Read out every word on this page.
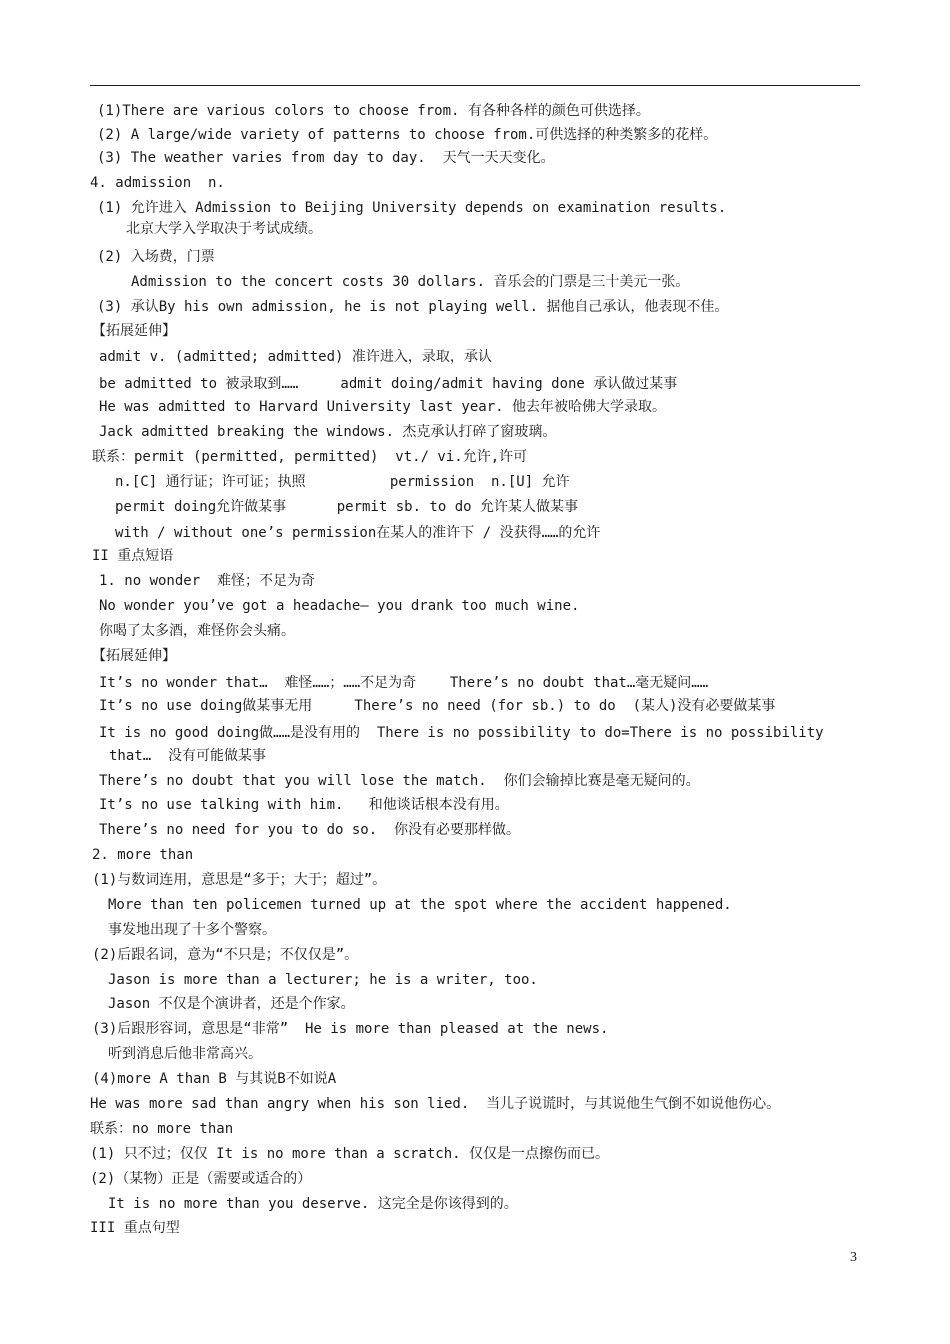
(1)There are various colors to choose from. 有各种各样的颜色可供选择。
(2) A large/wide variety of patterns to choose from.可供选择的种类繁多的花样。
(3) The weather varies from day to day.  天气一天天变化。
4. admission  n.
(1) 允许进入 Admission to Beijing University depends on examination results.
北京大学入学取决于考试成绩。
(2) 入场费，门票
Admission to the concert costs 30 dollars. 音乐会的门票是三十美元一张。
(3) 承认By his own admission, he is not playing well. 据他自己承认，他表现不佳。
【拓展延伸】
admit v. (admitted; admitted) 准许进入，录取，承认
be admitted to 被录取到……     admit doing/admit having done 承认做过某事
He was admitted to Harvard University last year. 他去年被哈佛大学录取。
Jack admitted breaking the windows. 杰克承认打碎了窗玻璃。
联系：permit (permitted, permitted)  vt./ vi.允许,许可
n.[C] 通行证；许可证；执照          permission  n.[U] 允许
permit doing允许做某事      permit sb. to do 允许某人做某事
with / without one’s permission在某人的准许下 / 没获得……的允许
II 重点短语
1. no wonder  难怪；不足为奇
No wonder you’ve got a headache— you drank too much wine.
你喝了太多酒，难怪你会头痛。
【拓展延伸】
It’s no wonder that…  难怪……；……不足为奇    There’s no doubt that…毫无疑问……
It’s no use doing做某事无用     There’s no need (for sb.) to do  (某人)没有必要做某事
It is no good doing做……是没有用的  There is no possibility to do=There is no possibility
that…  没有可能做某事
There’s no doubt that you will lose the match.  你们会输掉比赛是毫无疑问的。
It’s no use talking with him.   和他谈话根本没有用。
There’s no need for you to do so.  你没有必要那样做。
2. more than
(1)与数词连用，意思是“多于；大于；超过”。
More than ten policemen turned up at the spot where the accident happened.
事发地出现了十多个警察。
(2)后跟名词，意为“不只是；不仅仅是”。
Jason is more than a lecturer; he is a writer, too.
Jason 不仅是个演讲者，还是个作家。
(3)后跟形容词，意思是“非常”  He is more than pleased at the news.
听到消息后他非常高兴。
(4)more A than B 与其说B不如说A
He was more sad than angry when his son lied.  当儿子说谎时，与其说他生气倒不如说他伤心。
联系：no more than
(1) 只不过；仅仅 It is no more than a scratch. 仅仅是一点擦伤而已。
(2)（某物）正是（需要或适合的）
It is no more than you deserve. 这完全是你该得到的。
III 重点句型
3
